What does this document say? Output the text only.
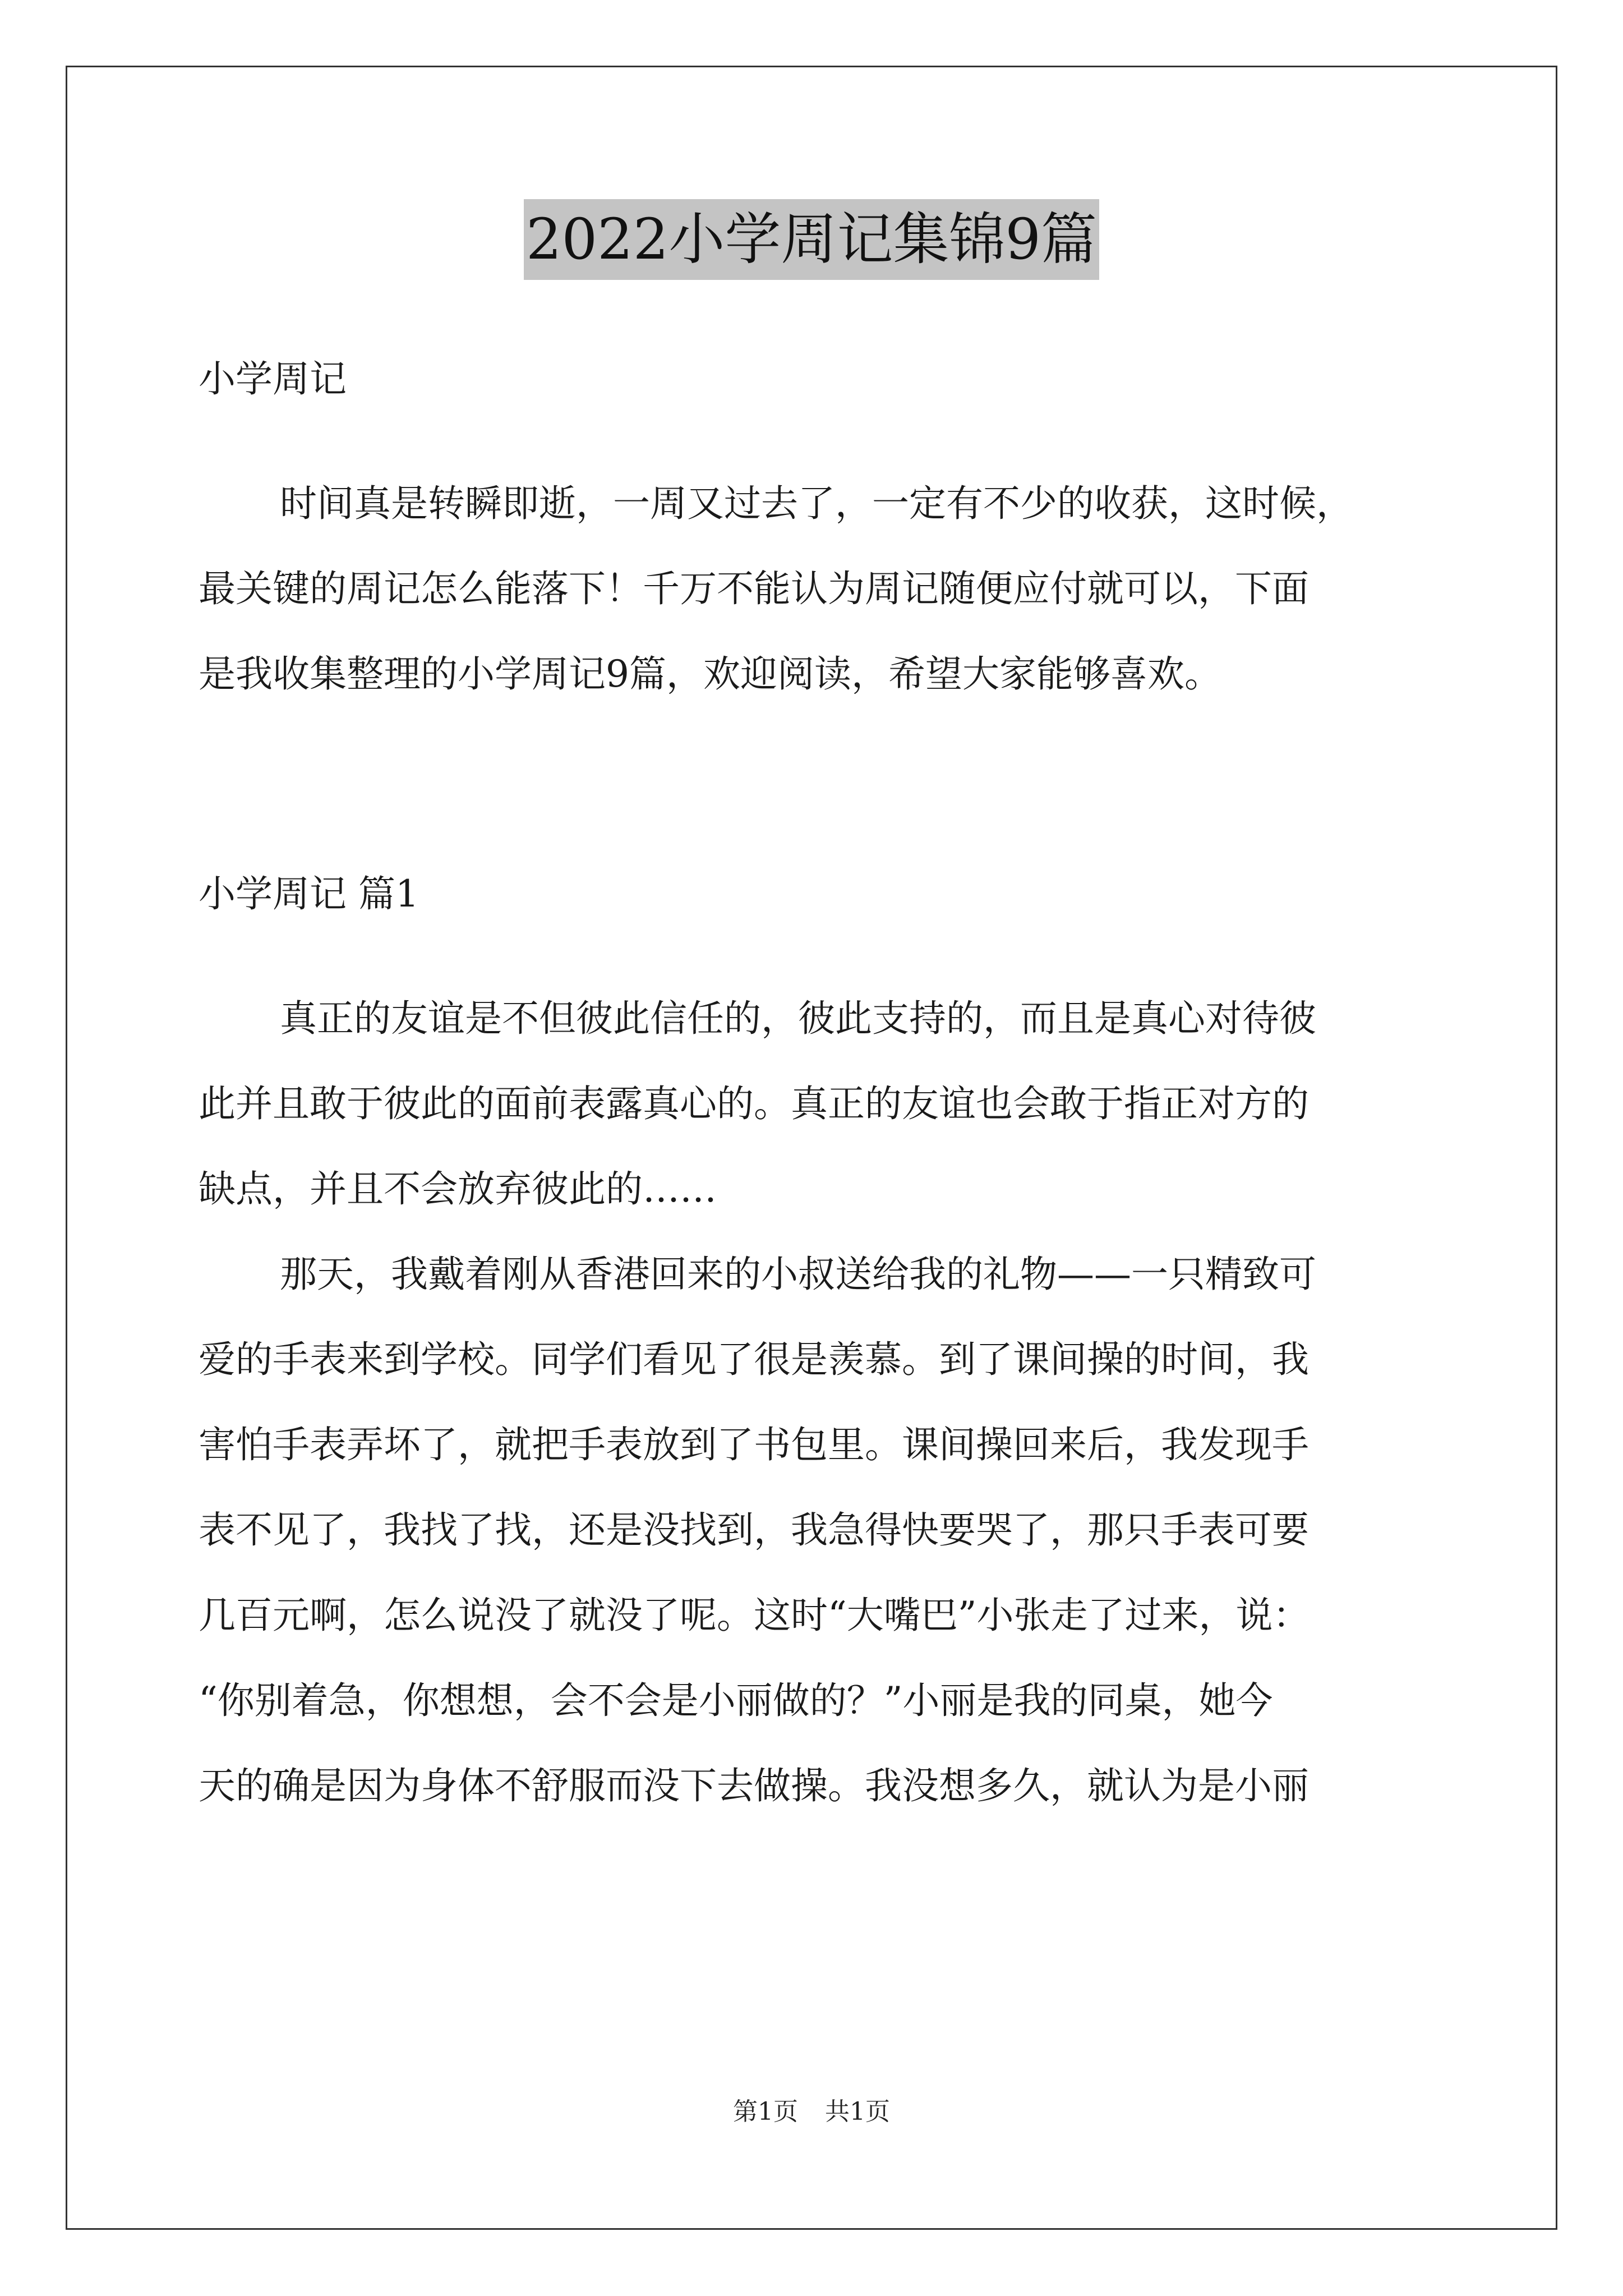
2022小学周记集锦9篇
小学周记
时间真是转瞬即逝，一周又过去了，一定有不少的收获，这时候，
最关键的周记怎么能落下！千万不能认为周记随便应付就可以，下面
是我收集整理的小学周记9篇，欢迎阅读，希望大家能够喜欢。
小学周记 篇1
真正的友谊是不但彼此信任的，彼此支持的，而且是真心对待彼
此并且敢于彼此的面前表露真心的。真正的友谊也会敢于指正对方的
缺点，并且不会放弃彼此的……
那天，我戴着刚从香港回来的小叔送给我的礼物——一只精致可
爱的手表来到学校。同学们看见了很是羡慕。到了课间操的时间，我
害怕手表弄坏了，就把手表放到了书包里。课间操回来后，我发现手
表不见了，我找了找，还是没找到，我急得快要哭了，那只手表可要
几百元啊，怎么说没了就没了呢。这时“大嘴巴”小张走了过来，说：
“你别着急，你想想，会不会是小丽做的？”小丽是我的同桌，她今
天的确是因为身体不舒服而没下去做操。我没想多久，就认为是小丽
第1页 共1页
